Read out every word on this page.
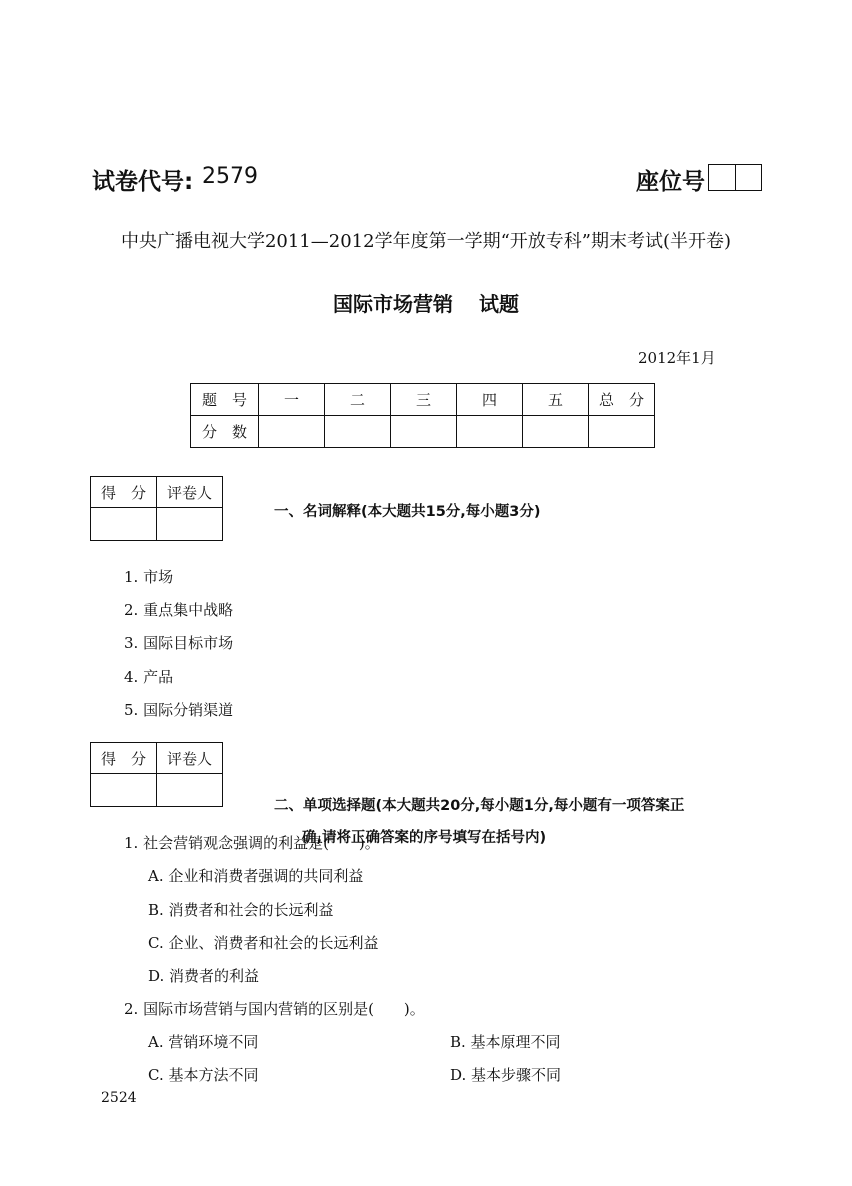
试卷代号: 2579	座位号
中央广播电视大学2011—2012学年度第一学期“开放专科”期末考试(半开卷)
国际市场营销 试题
2012年1月
题　号	一	二	三	四	五	总　分
分　数						
得　分	评卷人

一、名词解释(本大题共15分,每小题3分)
1. 市场
2. 重点集中战略
3. 国际目标市场
4. 产品
5. 国际分销渠道
得　分	评卷人

二、单项选择题(本大题共20分,每小题1分,每小题有一项答案正
确,请将正确答案的序号填写在括号内)
1. 社会营销观念强调的利益是(　　)。
A. 企业和消费者强调的共同利益
B. 消费者和社会的长远利益
C. 企业、消费者和社会的长远利益
D. 消费者的利益
2. 国际市场营销与国内营销的区别是(　　)。
A. 营销环境不同	B. 基本原理不同
C. 基本方法不同	D. 基本步骤不同
2524
